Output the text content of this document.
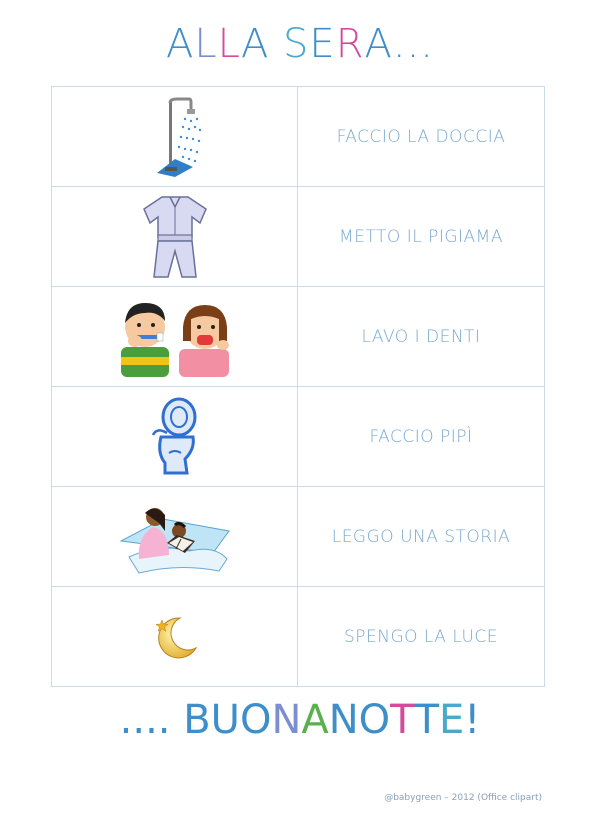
ALLA SERA...
FACCIO LA DOCCIA
METTO IL PIGIAMA
LAVO I DENTI
FACCIO PIPÌ
LEGGO UNA STORIA
SPENGO LA LUCE
.... BUONANOTTE!
@babygreen – 2012 (Office clipart)
